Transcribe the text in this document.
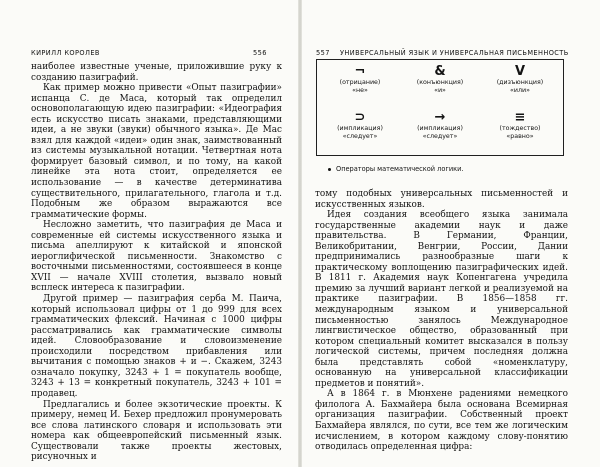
КИРИЛЛ КОРОЛЕВ	556

наиболее известные ученые, приложившие руку к созданию пазиграфий.

Как пример можно привести «Опыт пазиграфии» испанца С. де Маса, который так определил основополагающую идею пазиграфии: «Идеография есть искусство писать знаками, представляющими идеи, а не звуки (звуки) обычного языка». Де Мас взял для каждой «идеи» один знак, заимствованный из системы музыкальной нотации. Четвертная нота формирует базовый символ, и по тому, на какой линейке эта нота стоит, определяется ее использование — в качестве детерминатива существительного, прилагательного, глагола и т.д. Подобным же образом выражаются все грамматические формы.

Несложно заметить, что пазиграфия де Маса и современные ей системы искусственного языка и письма апеллируют к китайской и японской иероглифической письменности. Знакомство с восточными письменностями, состоявшееся в конце XVII — начале XVIII столетия, вызвало новый всплеск интереса к пазиграфии.

Другой пример — пазиграфия серба М. Паича, который использовал цифры от 1 до 999 для всех грамматических флексий. Начиная с 1000 цифры рассматривались как грамматические символы идей. Словообразование и словоизменение происходили посредством прибавления или вычитания с помощью знаков + и −. Скажем, 3243 означало покупку, 3243 + 1 = покупатель вообще, 3243 + 13 = конкретный покупатель, 3243 + 101 = продавец.

Предлагались и более экзотические проекты. К примеру, немец И. Бехер предложил пронумеровать все слова латинского словаря и использовать эти номера как общеевропейский письменный язык. Существовали также проекты жестовых, рисуночных и

557 УНИВЕРСАЛЬНЫЙ ЯЗЫК И УНИВЕРСАЛЬНАЯ ПИСЬМЕННОСТЬ
¬
(отрицание)
«не»
&
(конъюнкция)
«и»
V
(дизъюнкция)
«или»
⊃
(импликация)
«следует»
→
(импликация)
«следует»
≡
(тождество)
«равно»
Операторы математической логики.

тому подобных универсальных письменностей и искусственных языков.

Идея создания всеобщего языка занимала государственные академии наук и даже правительства. В Германии, Франции, Великобритании, Венгрии, России, Дании предпринимались разнообразные шаги к практическому воплощению пазиграфических идей. В 1811 г. Академия наук Копенгагена учредила премию за лучший вариант легкой и реализуемой на практике пазиграфии. В 1856—1858 гг. международным языком и универсальной письменностью занялось Международное лингвистическое общество, образованный при котором специальный комитет высказался в пользу логической системы, причем последняя должна была представлять собой «номенклатуру, основанную на универсальной классификации предметов и понятий».

А в 1864 г. в Мюнхене радениями немецкого филолога А. Бахмайера была основана Всемирная организация пазиграфии. Собственный проект Бахмайера являлся, по сути, все тем же логическим исчислением, в котором каждому слову-понятию отводилась определенная цифра:
